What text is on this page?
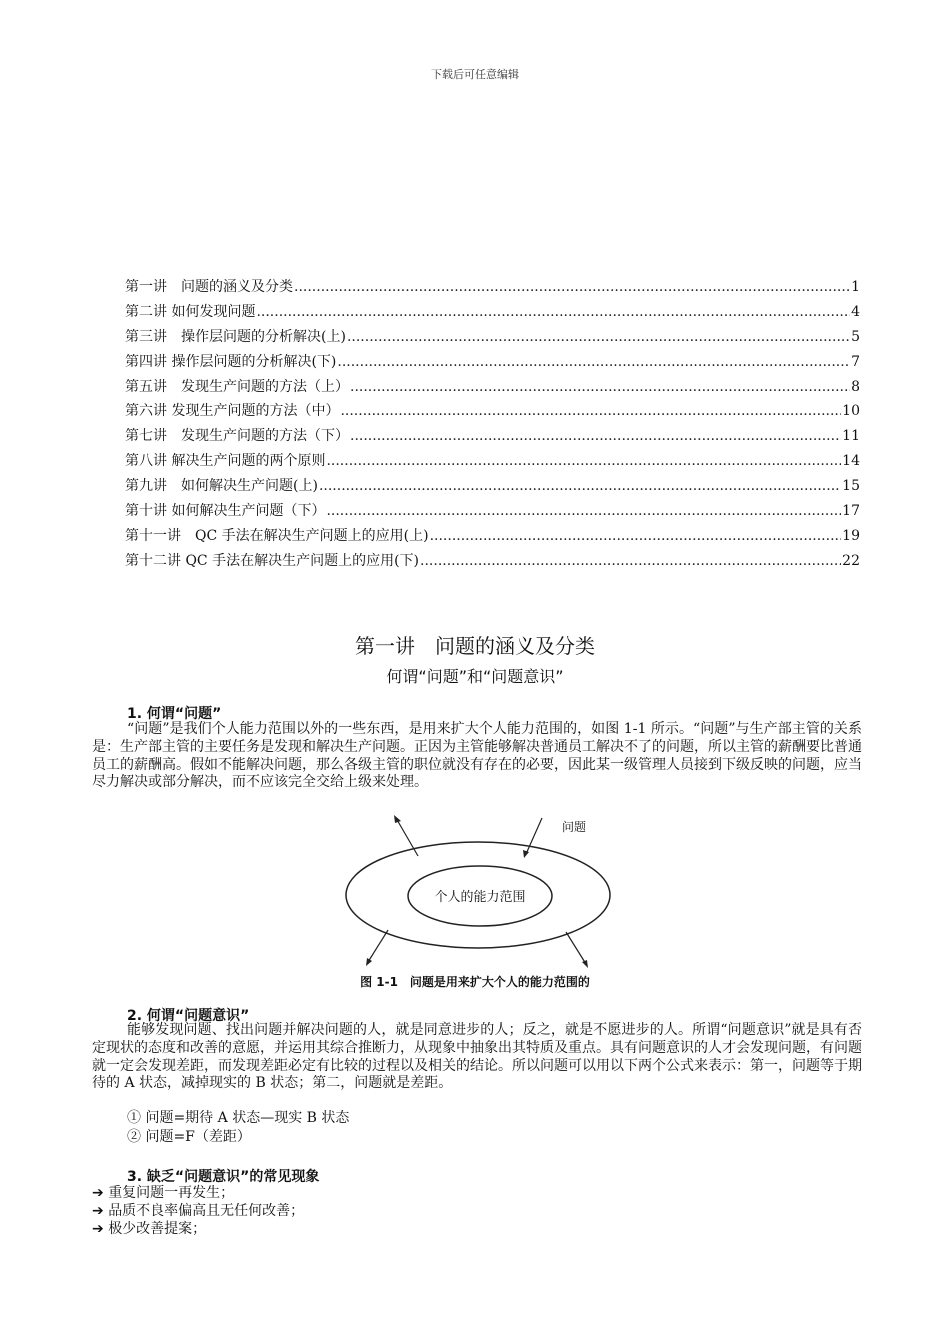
下载后可任意编辑
第一讲　问题的涵义及分类 .....	1
第二讲 如何发现问题 .....	4
第三讲　操作层问题的分析解决(上) .....	5
第四讲 操作层问题的分析解决(下) .....	7
第五讲　发现生产问题的方法（上） .....	8
第六讲 发现生产问题的方法（中） .....	10
第七讲　发现生产问题的方法（下） .....	11
第八讲 解决生产问题的两个原则 .....	14
第九讲　如何解决生产问题(上) .....	15
第十讲 如何解决生产问题（下） .....	17
第十一讲　QC 手法在解决生产问题上的应用(上) .....	19
第十二讲 QC 手法在解决生产问题上的应用(下) .....	22
第一讲　问题的涵义及分类
何谓“问题”和“问题意识”
1. 何谓“问题”
“问题”是我们个人能力范围以外的一些东西，是用来扩大个人能力范围的，如图 1-1 所示。“问题”与生产部主管的关系是：生产部主管的主要任务是发现和解决生产问题。正因为主管能够解决普通员工解决不了的问题，所以主管的薪酬要比普通员工的薪酬高。假如不能解决问题，那么各级主管的职位就没有存在的必要，因此某一级管理人员接到下级反映的问题，应当尽力解决或部分解决，而不应该完全交给上级来处理。
个人的能力范围
问题
图 1-1　问题是用来扩大个人的能力范围的
2. 何谓“问题意识”
能够发现问题、找出问题并解决问题的人，就是同意进步的人；反之，就是不愿进步的人。所谓“问题意识”就是具有否定现状的态度和改善的意愿，并运用其综合推断力，从现象中抽象出其特质及重点。具有问题意识的人才会发现问题，有问题就一定会发现差距，而发现差距必定有比较的过程以及相关的结论。所以问题可以用以下两个公式来表示：第一，问题等于期待的 A 状态，减掉现实的 B 状态；第二，问题就是差距。
① 问题=期待 A 状态—现实 B 状态
② 问题=F（差距）
3. 缺乏“问题意识”的常见现象
➔ 重复问题一再发生；
➔ 品质不良率偏高且无任何改善；
➔ 极少改善提案；
